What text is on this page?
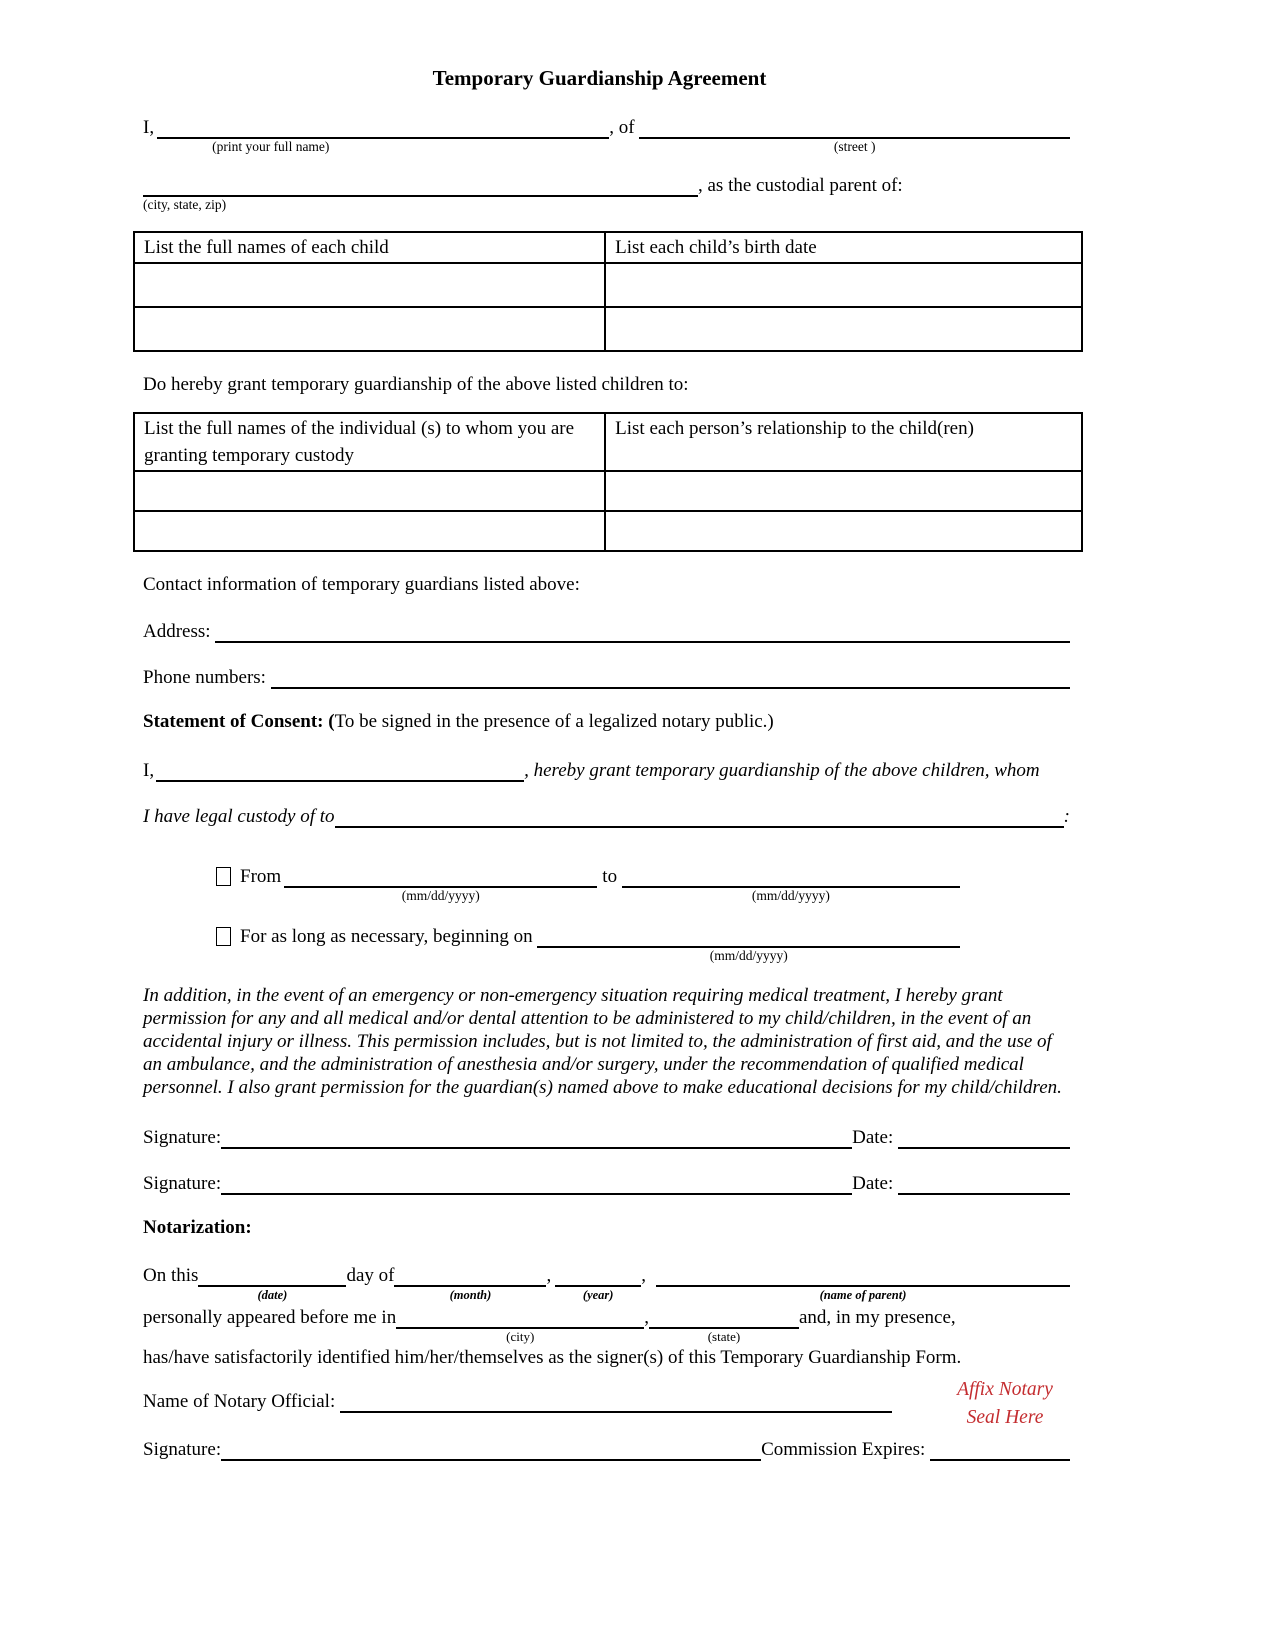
Temporary Guardianship Agreement
I,
(print your full name)
, of
(street )
(city, state, zip)
, as the custodial parent of:
List the full names of each child	List each child’s birth date

Do hereby grant temporary guardianship of the above listed children to:
List the full names of the individual (s) to whom you are granting temporary custody	List each person’s relationship to the child(ren)

Contact information of temporary guardians listed above:
Address:
Phone numbers:
Statement of Consent: (To be signed in the presence of a legalized notary public.)
I,	, hereby grant temporary guardianship of the above children, whom
I have legal custody of to	:
From
(mm/dd/yyyy)
to
(mm/dd/yyyy)
For as long as necessary, beginning on
(mm/dd/yyyy)
In addition, in the event of an emergency or non-emergency situation requiring medical treatment, I hereby grant permission for any and all medical and/or dental attention to be administered to my child/children, in the event of an accidental injury or illness. This permission includes, but is not limited to, the administration of first aid, and the use of an ambulance, and the administration of anesthesia and/or surgery, under the recommendation of qualified medical personnel. I also grant permission for the guardian(s) named above to make educational decisions for my child/children.
Signature:	Date:
Signature:	Date:
Notarization:
On this
(date)
day of
(month)
,
(year)
,
(name of parent)
personally appeared before me in
(city)
,
(state)
and, in my presence,
has/have satisfactorily identified him/her/themselves as the signer(s) of this Temporary Guardianship Form.
Name of Notary Official:
Signature:	Commission Expires:
Affix Notary
Seal Here
